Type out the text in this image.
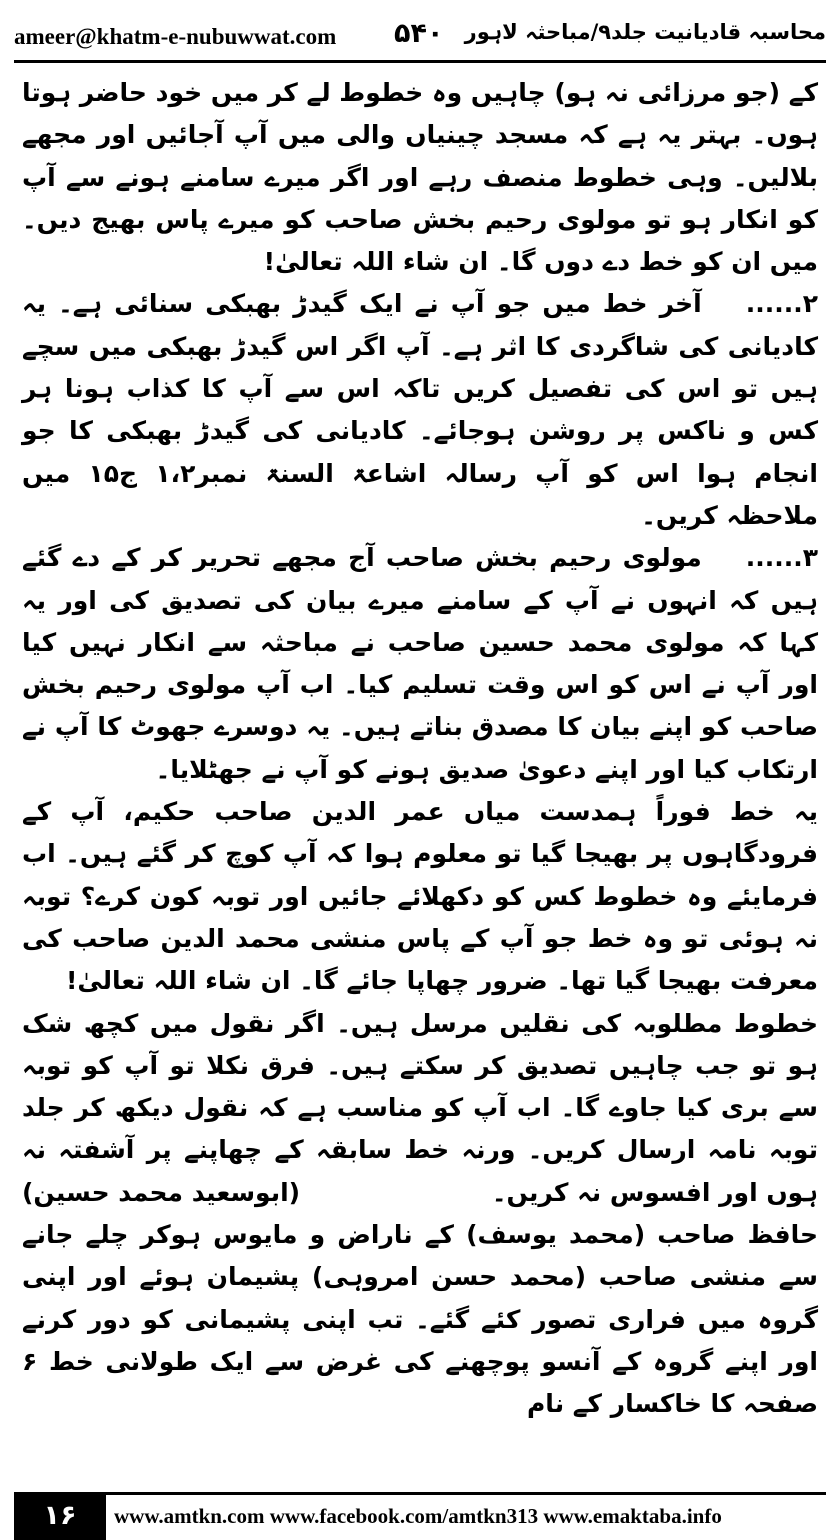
ameer@khatm-e-nubuwwat.com ۵۴۰ محاسبہ قادیانیت جلد۹/مباحثہ لاہور

کے (جو مرزائی نہ ہو) چاہیں وہ خطوط لے کر میں خود حاضر ہوتا ہوں۔ بہتر یہ ہے کہ مسجد چینیاں والی میں آپ آجائیں اور مجھے بلالیں۔ وہی خطوط منصف رہے اور اگر میرے سامنے ہونے سے آپ کو انکار ہو تو مولوی رحیم بخش صاحب کو میرے پاس بھیج دیں۔ میں ان کو خط دے دوں گا۔ ان شاء اللہ تعالیٰ!

۲......آخر خط میں جو آپ نے ایک گیدڑ بھبکی سنائی ہے۔ یہ کادیانی کی شاگردی کا اثر ہے۔ آپ اگر اس گیدڑ بھبکی میں سچے ہیں تو اس کی تفصیل کریں تاکہ اس سے آپ کا کذاب ہونا ہر کس و ناکس پر روشن ہوجائے۔ کادیانی کی گیدڑ بھبکی کا جو انجام ہوا اس کو آپ رسالہ اشاعۃ السنۃ نمبر۱،۲ ج۱۵ میں ملاحظہ کریں۔

۳......مولوی رحیم بخش صاحب آج مجھے تحریر کر کے دے گئے ہیں کہ انہوں نے آپ کے سامنے میرے بیان کی تصدیق کی اور یہ کہا کہ مولوی محمد حسین صاحب نے مباحثہ سے انکار نہیں کیا اور آپ نے اس کو اس وقت تسلیم کیا۔ اب آپ مولوی رحیم بخش صاحب کو اپنے بیان کا مصدق بناتے ہیں۔ یہ دوسرے جھوٹ کا آپ نے ارتکاب کیا اور اپنے دعویٰ صدیق ہونے کو آپ نے جھٹلایا۔

یہ خط فوراً ہمدست میاں عمر الدین صاحب حکیم، آپ کے فرودگاہوں پر بھیجا گیا تو معلوم ہوا کہ آپ کوچ کر گئے ہیں۔ اب فرمایئے وہ خطوط کس کو دکھلائے جائیں اور توبہ کون کرے؟ توبہ نہ ہوئی تو وہ خط جو آپ کے پاس منشی محمد الدین صاحب کی معرفت بھیجا گیا تھا۔ ضرور چھاپا جائے گا۔ ان شاء اللہ تعالیٰ!

خطوط مطلوبہ کی نقلیں مرسل ہیں۔ اگر نقول میں کچھ شک ہو تو جب چاہیں تصدیق کر سکتے ہیں۔ فرق نکلا تو آپ کو توبہ سے بری کیا جاوے گا۔ اب آپ کو مناسب ہے کہ نقول دیکھ کر جلد توبہ نامہ ارسال کریں۔ ورنہ خط سابقہ کے چھاپنے پر آشفتہ نہ ہوں اور افسوس نہ کریں۔
(ابوسعید محمد حسین)

حافظ صاحب (محمد یوسف) کے ناراض و مایوس ہوکر چلے جانے سے منشی صاحب (محمد حسن امروہی) پشیمان ہوئے اور اپنی گروہ میں فراری تصور کئے گئے۔ تب اپنی پشیمانی کو دور کرنے اور اپنے گروہ کے آنسو پوچھنے کی غرض سے ایک طولانی خط ۶ صفحہ کا خاکسار کے نام

۱۶	www.amtkn.com www.facebook.com/amtkn313 www.emaktaba.info
